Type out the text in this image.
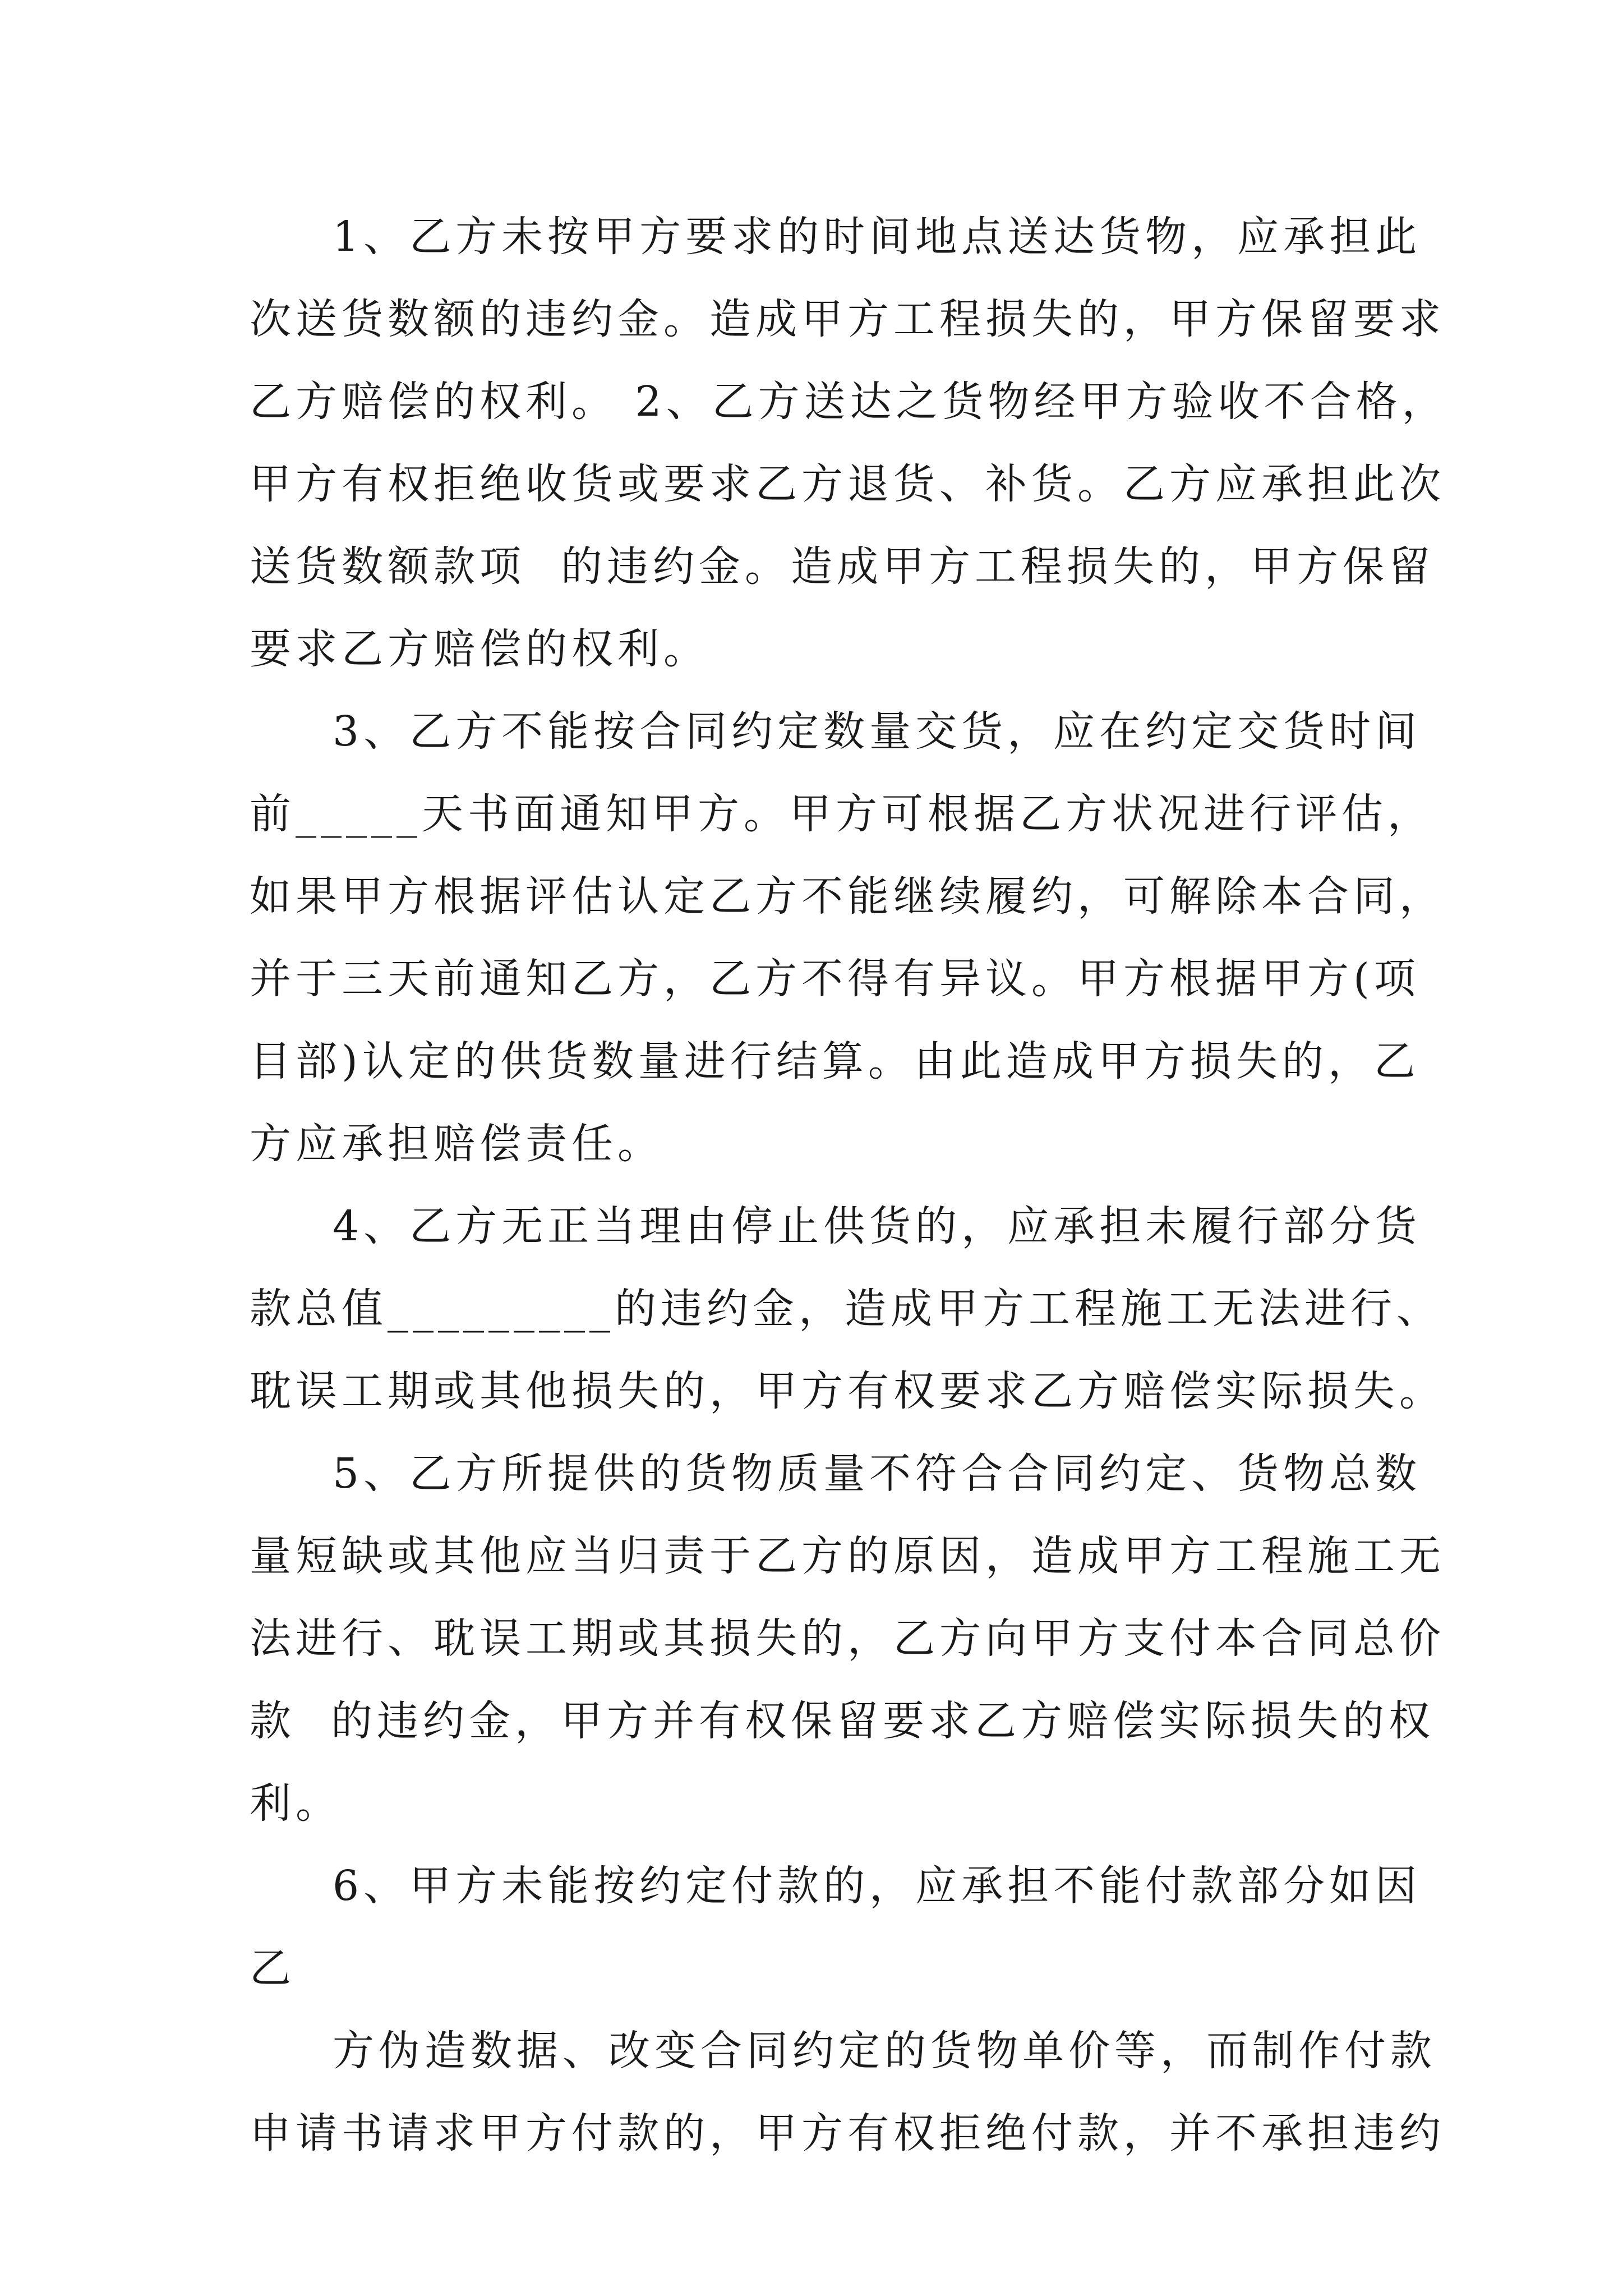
1、乙方未按甲方要求的时间地点送达货物，应承担此
次送货数额的违约金。造成甲方工程损失的，甲方保留要求
乙方赔偿的权利。 2、乙方送达之货物经甲方验收不合格，
甲方有权拒绝收货或要求乙方退货、补货。乙方应承担此次
送货数额款项  的违约金。造成甲方工程损失的，甲方保留
要求乙方赔偿的权利。
3、乙方不能按合同约定数量交货，应在约定交货时间
前_____天书面通知甲方。甲方可根据乙方状况进行评估，
如果甲方根据评估认定乙方不能继续履约，可解除本合同，
并于三天前通知乙方，乙方不得有异议。甲方根据甲方(项
目部)认定的供货数量进行结算。由此造成甲方损失的，乙
方应承担赔偿责任。
4、乙方无正当理由停止供货的，应承担未履行部分货
款总值_________的违约金，造成甲方工程施工无法进行、
耽误工期或其他损失的，甲方有权要求乙方赔偿实际损失。
5、乙方所提供的货物质量不符合合同约定、货物总数
量短缺或其他应当归责于乙方的原因，造成甲方工程施工无
法进行、耽误工期或其损失的，乙方向甲方支付本合同总价
款  的违约金，甲方并有权保留要求乙方赔偿实际损失的权
利。
6、甲方未能按约定付款的，应承担不能付款部分如因
乙
方伪造数据、改变合同约定的货物单价等，而制作付款
申请书请求甲方付款的，甲方有权拒绝付款，并不承担违约
